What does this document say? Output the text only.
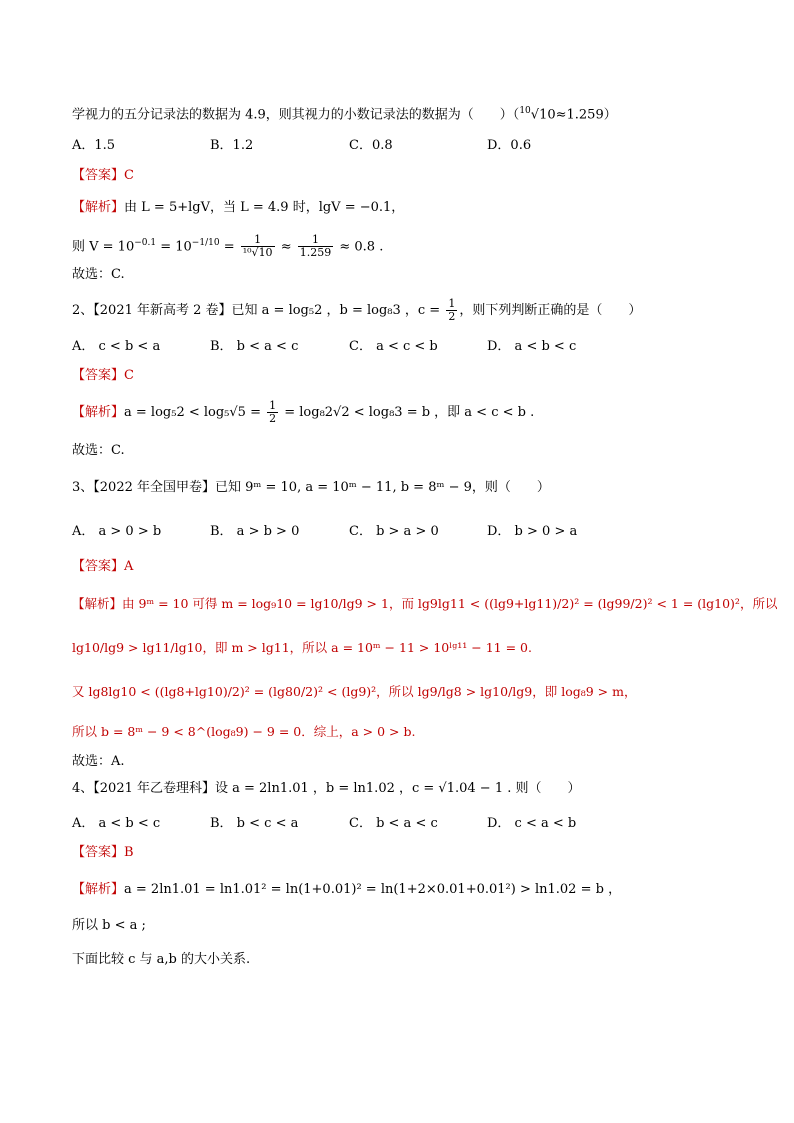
学视力的五分记录法的数据为 4.9，则其视力的小数记录法的数据为（　　）（$^{10}$√10≈1.259）
A．1.5	B．1.2	C．0.8	D．0.6
【答案】C
【解析】由 L = 5+lgV，当 L = 4.9 时，lgV = −0.1，
则 $V = 10^{-0.1} = 10^{-1/10} = \frac{1}{\text{¹⁰√10}} \approx \frac{1}{1.259} \approx 0.8$ .
故选：C.
2、【2021 年新高考 2 卷】已知 a = log₅2 ，b = log₈3 ，$c = \frac{1}{2}$ ，则下列判断正确的是（　　）
A． c < b < a	B． b < a < c	C． a < c < b	D． a < b < c
【答案】C
【解析】$a = \log_52 < \log_5√5 = \frac{1}{2} = \log_82√2 < \log_83 = b$ ，即 a < c < b .
故选：C.
3、【2022 年全国甲卷】已知 9ᵐ = 10, a = 10ᵐ − 11, b = 8ᵐ − 9，则（　　）
A． a > 0 > b	B． a > b > 0	C． b > a > 0	D． b > 0 > a
【答案】A
【解析】由 9ᵐ = 10 可得 m = log₉10 = lg10/lg9 > 1，而 lg9lg11 < ((lg9+lg11)/2)² = (lg99/2)² < 1 = (lg10)²，所以
lg10/lg9 > lg11/lg10，即 m > lg11，所以 a = 10ᵐ − 11 > 10ˡᵍ¹¹ − 11 = 0.
又 lg8lg10 < ((lg8+lg10)/2)² = (lg80/2)² < (lg9)²，所以 lg9/lg8 > lg10/lg9，即 log₈9 > m，
所以 b = 8ᵐ − 9 < 8^(log₈9) − 9 = 0．综上，a > 0 > b.
故选：A.
4、【2021 年乙卷理科】设 a = 2ln1.01 ，b = ln1.02 ，c = √1.04 − 1 . 则（　　）
A． a < b < c	B． b < c < a	C． b < a < c	D． c < a < b
【答案】B
【解析】a = 2ln1.01 = ln1.01² = ln(1+0.01)² = ln(1+2×0.01+0.01²) > ln1.02 = b ，
所以 b < a ;
下面比较 c 与 a,b 的大小关系.
